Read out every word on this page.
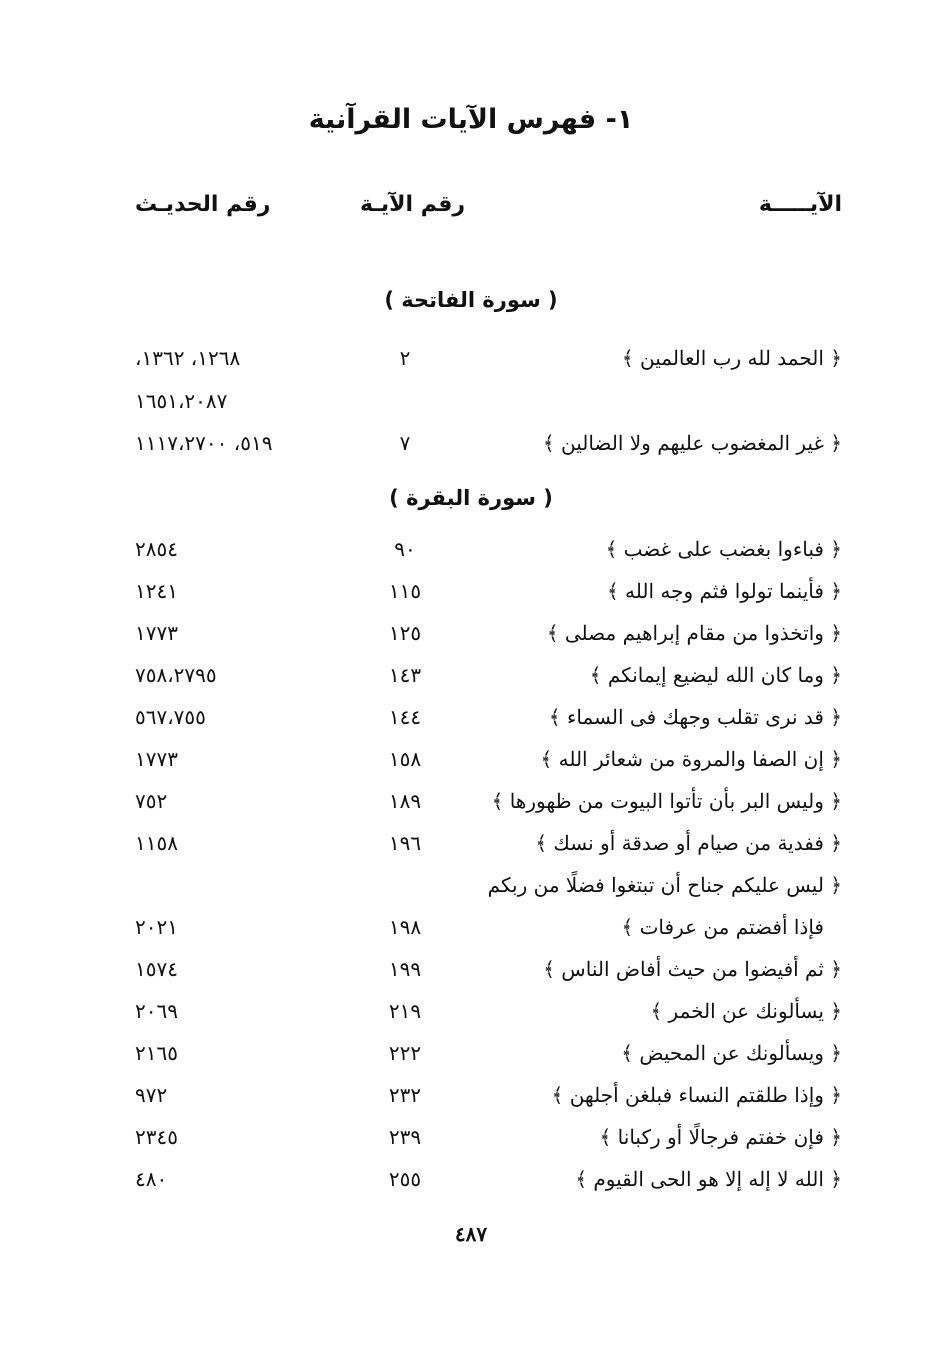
١- فهرس الآيات القرآنية
الآيـــــة
رقم الآيـة
رقم الحديـث
( سورة الفاتحة )
﴿ الحمد لله رب العالمين ﴾
٢
١٢٦٨، ١٣٦٢،
١٦٥١،٢٠٨٧
﴿ غير المغضوب عليهم ولا الضالين ﴾
٧
٥١٩، ١١١٧،٢٧٠٠
( سورة البقرة )
﴿ فباءوا بغضب على غضب ﴾
٩٠
٢٨٥٤
﴿ فأينما تولوا فثم وجه الله ﴾
١١٥
١٢٤١
﴿ واتخذوا من مقام إبراهيم مصلى ﴾
١٢٥
١٧٧٣
﴿ وما كان الله ليضيع إيمانكم ﴾
١٤٣
٧٥٨،٢٧٩٥
﴿ قد نرى تقلب وجهك فى السماء ﴾
١٤٤
٥٦٧،٧٥٥
﴿ إن الصفا والمروة من شعائر الله ﴾
١٥٨
١٧٧٣
﴿ وليس البر بأن تأتوا البيوت من ظهورها ﴾
١٨٩
٧٥٢
﴿ ففدية من صيام أو صدقة أو نسك ﴾
١٩٦
١١٥٨
﴿ ليس عليكم جناح أن تبتغوا فضلًا من ربكم
فإذا أفضتم من عرفات ﴾
١٩٨
٢٠٢١
﴿ ثم أفيضوا من حيث أفاض الناس ﴾
١٩٩
١٥٧٤
﴿ يسألونك عن الخمر ﴾
٢١٩
٢٠٦٩
﴿ ويسألونك عن المحيض ﴾
٢٢٢
٢١٦٥
﴿ وإذا طلقتم النساء فبلغن أجلهن ﴾
٢٣٢
٩٧٢
﴿ فإن خفتم فرجالًا أو ركبانا ﴾
٢٣٩
٢٣٤٥
﴿ الله لا إله إلا هو الحى القيوم ﴾
٢٥٥
٤٨٠
٤٨٧
